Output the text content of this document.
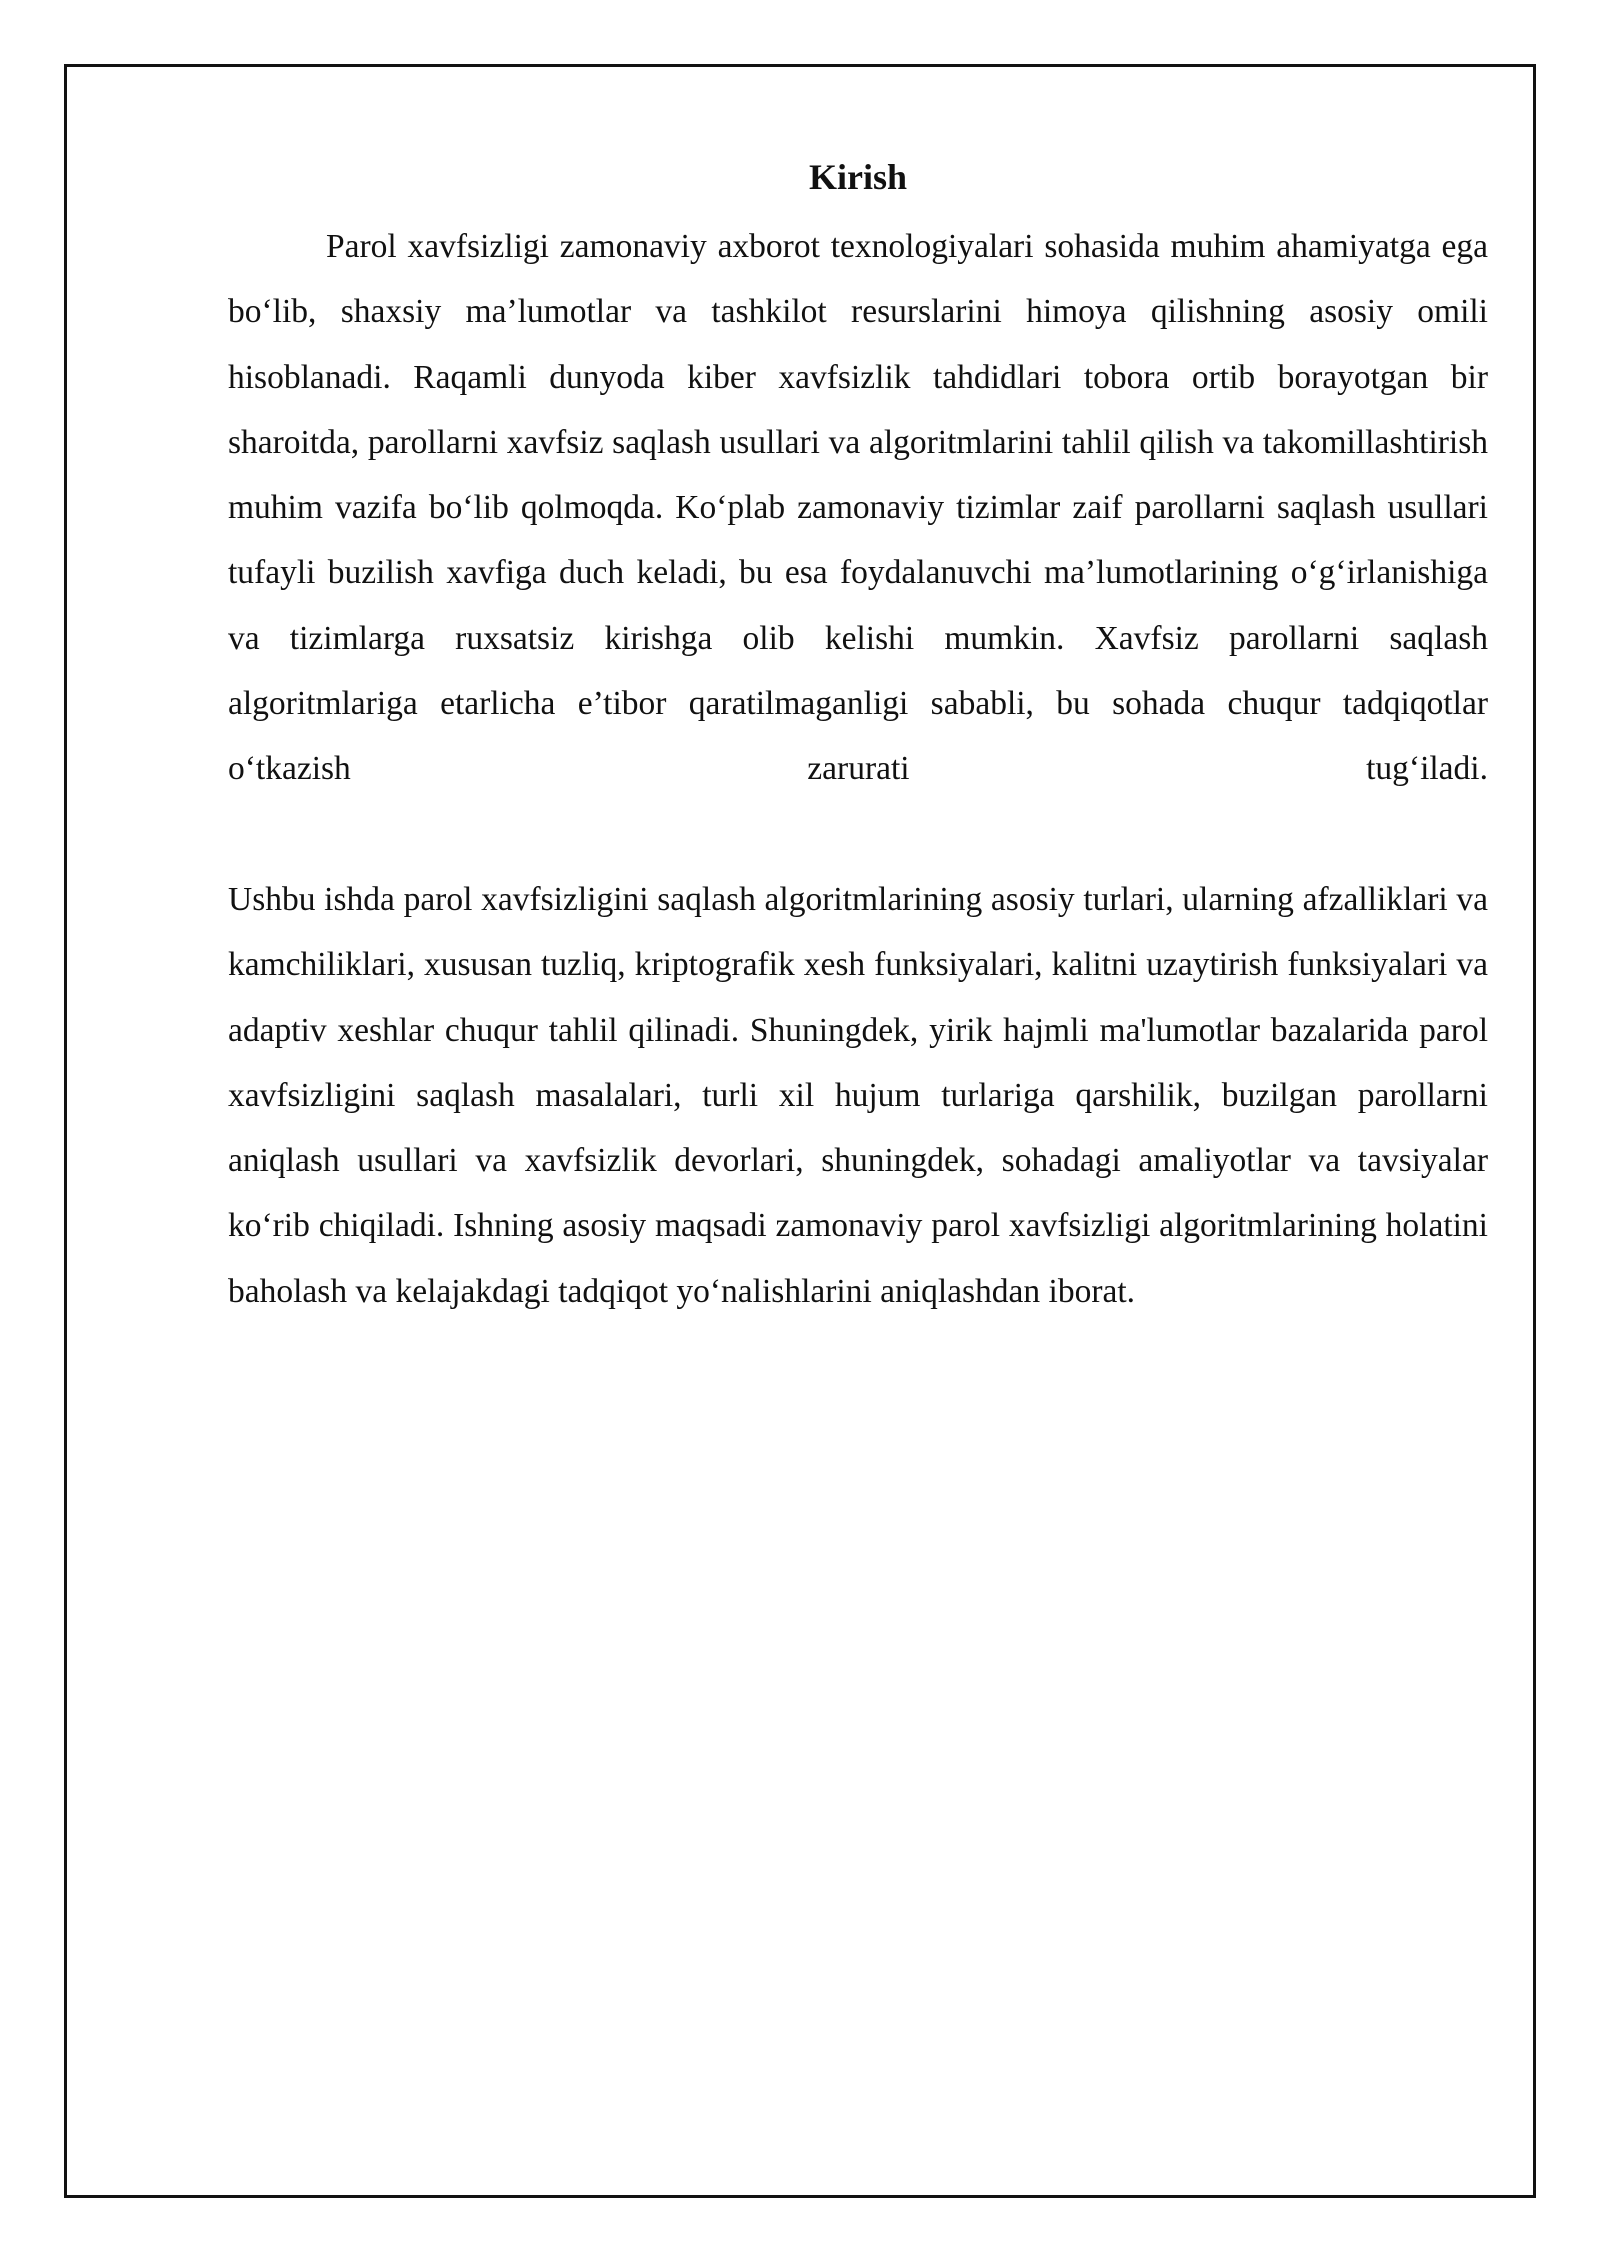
Kirish

Parol xavfsizligi zamonaviy axborot texnologiyalari sohasida muhim ahamiyatga ega bo‘lib, shaxsiy ma’lumotlar va tashkilot resurslarini himoya qilishning asosiy omili hisoblanadi. Raqamli dunyoda kiber xavfsizlik tahdidlari tobora ortib borayotgan bir sharoitda, parollarni xavfsiz saqlash usullari va algoritmlarini tahlil qilish va takomillashtirish muhim vazifa bo‘lib qolmoqda. Ko‘plab zamonaviy tizimlar zaif parollarni saqlash usullari tufayli buzilish xavfiga duch keladi, bu esa foydalanuvchi ma’lumotlarining o‘g‘irlanishiga va tizimlarga ruxsatsiz kirishga olib kelishi mumkin. Xavfsiz parollarni saqlash algoritmlariga etarlicha e’tibor qaratilmaganligi sababli, bu sohada chuqur tadqiqotlar o‘tkazish zarurati tug‘iladi.

Ushbu ishda parol xavfsizligini saqlash algoritmlarining asosiy turlari, ularning afzalliklari va kamchiliklari, xususan tuzliq, kriptografik xesh funksiyalari, kalitni uzaytirish funksiyalari va adaptiv xeshlar chuqur tahlil qilinadi. Shuningdek, yirik hajmli ma'lumotlar bazalarida parol xavfsizligini saqlash masalalari, turli xil hujum turlariga qarshilik, buzilgan parollarni aniqlash usullari va xavfsizlik devorlari, shuningdek, sohadagi amaliyotlar va tavsiyalar ko‘rib chiqiladi. Ishning asosiy maqsadi zamonaviy parol xavfsizligi algoritmlarining holatini baholash va kelajakdagi tadqiqot yo‘nalishlarini aniqlashdan iborat.
